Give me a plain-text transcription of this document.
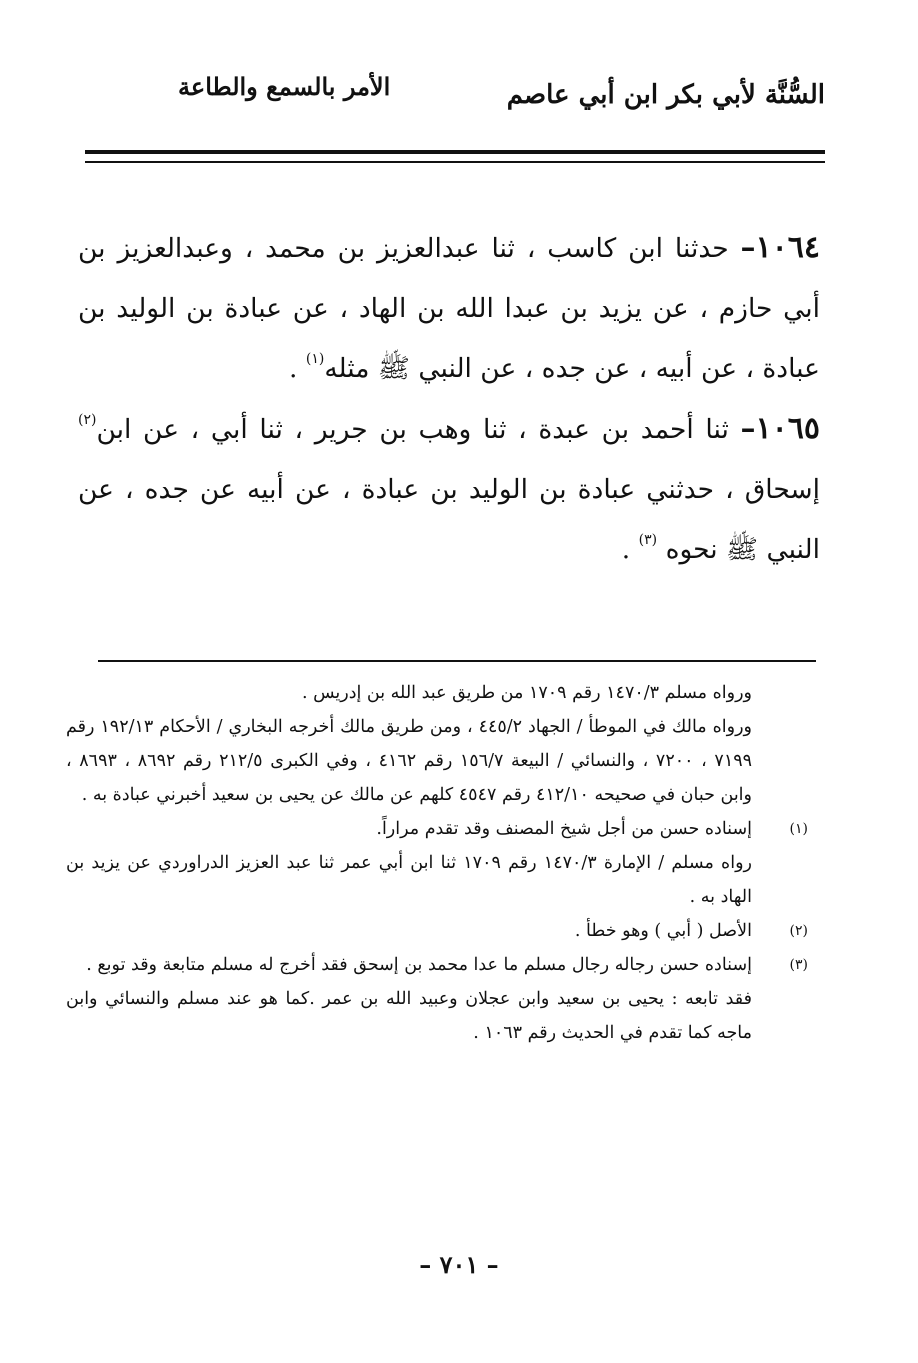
السُّنَّة لأبي بكر ابن أبي عاصم
الأمر بالسمع والطاعة

١٠٦٤– حدثنا ابن كاسب ، ثنا عبدالعزيز بن محمد ، وعبدالعزيز بن أبي حازم ، عن يزيد بن عبدا الله بن الهاد ، عن عبادة بن الوليد بن عبادة ، عن أبيه ، عن جده ، عن النبي ﷺ مثله$^{(١)}$ .

١٠٦٥– ثنا أحمد بن عبدة ، ثنا وهب بن جرير ، ثنا أبي ، عن ابن$^{(٢)}$ إسحاق ، حدثني عبادة بن الوليد بن عبادة ، عن أبيه عن جده ، عن النبي ﷺ نحوه $^{(٣)}$ .

ورواه مسلم ١٤٧٠/٣ رقم ١٧٠٩ من طريق عبد الله بن إدريس .

ورواه مالك في الموطأ / الجهاد ٤٤٥/٢ ، ومن طريق مالك أخرجه البخاري / الأحكام ١٩٢/١٣ رقم ٧١٩٩ ، ٧٢٠٠ ، والنسائي / البيعة ١٥٦/٧ رقم ٤١٦٢ ، وفي الكبرى ٢١٢/٥ رقم ٨٦٩٢ ، ٨٦٩٣ ، وابن حبان في صحيحه ٤١٢/١٠ رقم ٤٥٤٧ كلهم عن مالك عن يحيى بن سعيد أخبرني عبادة به .

(١)

إسناده حسن من أجل شيخ المصنف وقد تقدم مراراً.

رواه مسلم / الإمارة ١٤٧٠/٣ رقم ١٧٠٩ ثنا ابن أبي عمر ثنا عبد العزيز الدراوردي عن يزيد بن الهاد به .

(٢)

الأصل ( أبي ) وهو خطأ .

(٣)

إسناده حسن رجاله رجال مسلم ما عدا محمد بن إسحق فقد أخرج له مسلم متابعة وقد توبع .

فقد تابعه : يحيى بن سعيد وابن عجلان وعبيد الله بن عمر .كما هو عند مسلم والنسائي وابن ماجه كما تقدم في الحديث رقم ١٠٦٣ .

– ٧٠١ –
